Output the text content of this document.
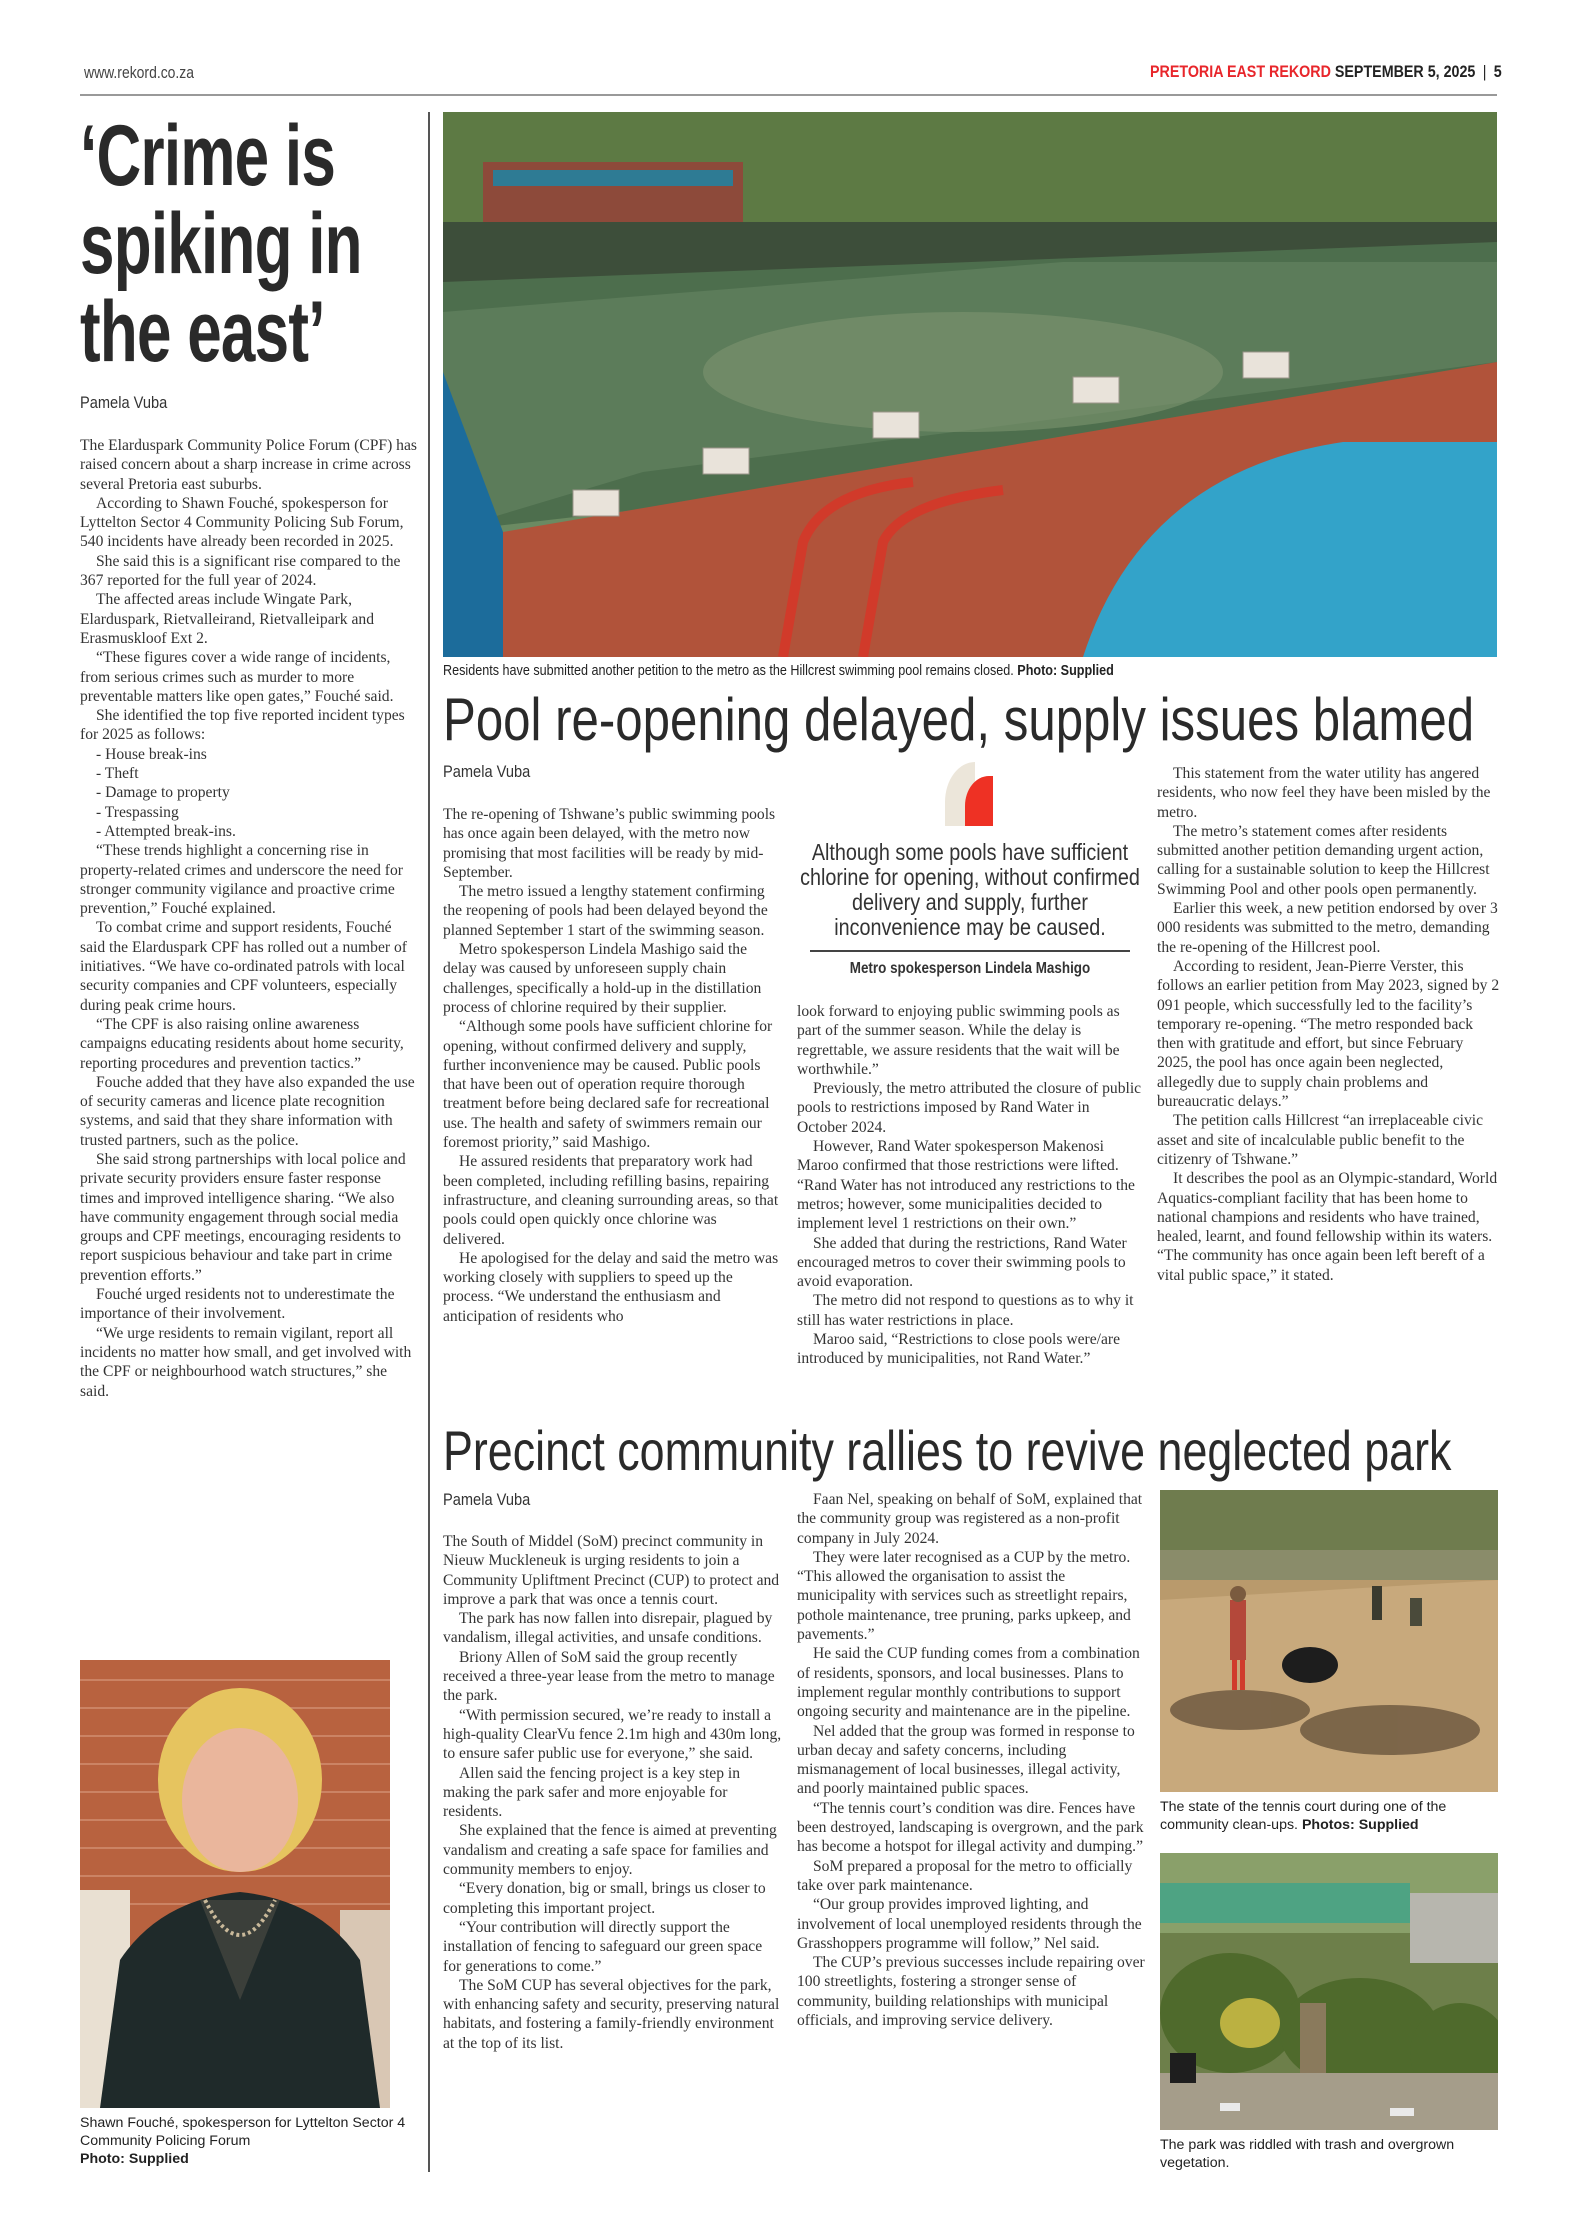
www.rekord.co.za	PRETORIA EAST REKORD SEPTEMBER 5, 2025 | 5
‘Crime is
spiking in
the east’
Pamela Vuba

The Elarduspark Community Police Forum (CPF) has raised concern about a sharp increase in crime across several Pretoria east suburbs.

According to Shawn Fouché, spokesperson for Lyttelton Sector 4 Community Policing Sub Forum, 540 incidents have already been recorded in 2025.

She said this is a significant rise compared to the 367 reported for the full year of 2024.

The affected areas include Wingate Park, Elarduspark, Rietvalleirand, Rietvalleipark and Erasmuskloof Ext 2.

“These figures cover a wide range of incidents, from serious crimes such as murder to more preventable matters like open gates,” Fouché said.

She identified the top five reported incident types for 2025 as follows:

- House break-ins

- Theft

- Damage to property

- Trespassing

- Attempted break-ins.

“These trends highlight a concerning rise in property-related crimes and underscore the need for stronger community vigilance and proactive crime prevention,” Fouché explained.

To combat crime and support residents, Fouché said the Elarduspark CPF has rolled out a number of initiatives. “We have co-ordinated patrols with local security companies and CPF volunteers, especially during peak crime hours.

“The CPF is also raising online awareness campaigns educating residents about home security, reporting procedures and prevention tactics.”

Fouche added that they have also expanded the use of security cameras and licence plate recognition systems, and said that they share information with trusted partners, such as the police.

She said strong partnerships with local police and private security providers ensure faster response times and improved intelligence sharing. “We also have community engagement through social media groups and CPF meetings, encouraging residents to report suspicious behaviour and take part in crime prevention efforts.”

Fouché urged residents not to underestimate the importance of their involvement.

“We urge residents to remain vigilant, report all incidents no matter how small, and get involved with the CPF or neighbourhood watch structures,” she said.

Shawn Fouché, spokesperson for Lyttelton Sector 4 Community Policing Forum
Photo: Supplied
Residents have submitted another petition to the metro as the Hillcrest swimming pool remains closed. Photo: Supplied
Pool re-opening delayed, supply issues blamed
Pamela Vuba

The re-opening of Tshwane’s public swimming pools has once again been delayed, with the metro now promising that most facilities will be ready by mid-September.

The metro issued a lengthy statement confirming the reopening of pools had been delayed beyond the planned September 1 start of the swimming season.

Metro spokesperson Lindela Mashigo said the delay was caused by unforeseen supply chain challenges, specifically a hold-up in the distillation process of chlorine required by their supplier.

“Although some pools have sufficient chlorine for opening, without confirmed delivery and supply, further inconvenience may be caused. Public pools that have been out of operation require thorough treatment before being declared safe for recreational use. The health and safety of swimmers remain our foremost priority,” said Mashigo.

He assured residents that preparatory work had been completed, including refilling basins, repairing infrastructure, and cleaning surrounding areas, so that pools could open quickly once chlorine was delivered.

He apologised for the delay and said the metro was working closely with suppliers to speed up the process. “We understand the enthusiasm and anticipation of residents who

Although some pools have sufficient chlorine for opening, without confirmed delivery and supply, further inconvenience may be caused.
Metro spokesperson Lindela Mashigo

look forward to enjoying public swimming pools as part of the summer season. While the delay is regrettable, we assure residents that the wait will be worthwhile.”

Previously, the metro attributed the closure of public pools to restrictions imposed by Rand Water in October 2024.

However, Rand Water spokesperson Makenosi Maroo confirmed that those restrictions were lifted. “Rand Water has not introduced any restrictions to the metros; however, some municipalities decided to implement level 1 restrictions on their own.”

She added that during the restrictions, Rand Water encouraged metros to cover their swimming pools to avoid evaporation.

The metro did not respond to questions as to why it still has water restrictions in place.

Maroo said, “Restrictions to close pools were/are introduced by municipalities, not Rand Water.”

This statement from the water utility has angered residents, who now feel they have been misled by the metro.

The metro’s statement comes after residents submitted another petition demanding urgent action, calling for a sustainable solution to keep the Hillcrest Swimming Pool and other pools open permanently.

Earlier this week, a new petition endorsed by over 3 000 residents was submitted to the metro, demanding the re-opening of the Hillcrest pool.

According to resident, Jean-Pierre Verster, this follows an earlier petition from May 2023, signed by 2 091 people, which successfully led to the facility’s temporary re-opening. “The metro responded back then with gratitude and effort, but since February 2025, the pool has once again been neglected, allegedly due to supply chain problems and bureaucratic delays.”

The petition calls Hillcrest “an irreplaceable civic asset and site of incalculable public benefit to the citizenry of Tshwane.”

It describes the pool as an Olympic-standard, World Aquatics-compliant facility that has been home to national champions and residents who have trained, healed, learnt, and found fellowship within its waters. “The community has once again been left bereft of a vital public space,” it stated.

Precinct community rallies to revive neglected park
Pamela Vuba

The South of Middel (SoM) precinct community in Nieuw Muckleneuk is urging residents to join a Community Upliftment Precinct (CUP) to protect and improve a park that was once a tennis court.

The park has now fallen into disrepair, plagued by vandalism, illegal activities, and unsafe conditions.

Briony Allen of SoM said the group recently received a three-year lease from the metro to manage the park.

“With permission secured, we’re ready to install a high-quality ClearVu fence 2.1m high and 430m long, to ensure safer public use for everyone,” she said.

Allen said the fencing project is a key step in making the park safer and more enjoyable for residents.

She explained that the fence is aimed at preventing vandalism and creating a safe space for families and community members to enjoy.

“Every donation, big or small, brings us closer to completing this important project.

“Your contribution will directly support the installation of fencing to safeguard our green space for generations to come.”

The SoM CUP has several objectives for the park, with enhancing safety and security, preserving natural habitats, and fostering a family-friendly environment at the top of its list.

Faan Nel, speaking on behalf of SoM, explained that the community group was registered as a non-profit company in July 2024.

They were later recognised as a CUP by the metro. “This allowed the organisation to assist the municipality with services such as streetlight repairs, pothole maintenance, tree pruning, parks upkeep, and pavements.”

He said the CUP funding comes from a combination of residents, sponsors, and local businesses. Plans to implement regular monthly contributions to support ongoing security and maintenance are in the pipeline.

Nel added that the group was formed in response to urban decay and safety concerns, including mismanagement of local businesses, illegal activity, and poorly maintained public spaces.

“The tennis court’s condition was dire. Fences have been destroyed, landscaping is overgrown, and the park has become a hotspot for illegal activity and dumping.”

SoM prepared a proposal for the metro to officially take over park maintenance.

“Our group provides improved lighting, and involvement of local unemployed residents through the Grasshoppers programme will follow,” Nel said.

The CUP’s previous successes include repairing over 100 streetlights, fostering a stronger sense of community, building relationships with municipal officials, and improving service delivery.

The state of the tennis court during one of the community clean-ups. Photos: Supplied
The park was riddled with trash and overgrown vegetation.
